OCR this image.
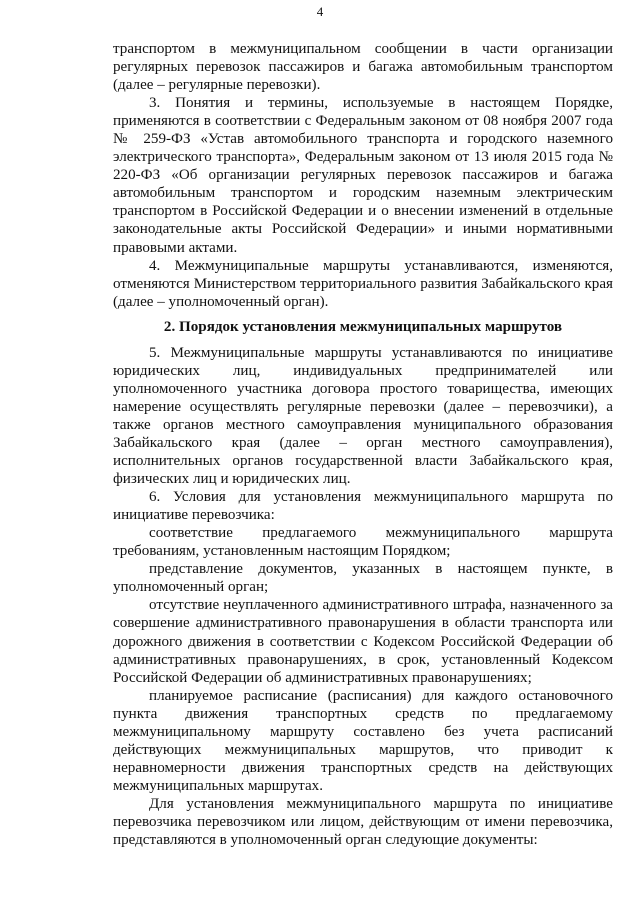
4

транспортом в межмуниципальном сообщении в части организации регулярных перевозок пассажиров и багажа автомобильным транспортом (далее – регулярные перевозки).

3. Понятия и термины, используемые в настоящем Порядке, применяются в соответствии с Федеральным законом от 08 ноября 2007 года № 259-ФЗ «Устав автомобильного транспорта и городского наземного электрического транспорта», Федеральным законом от 13 июля 2015 года № 220-ФЗ «Об организации регулярных перевозок пассажиров и багажа автомобильным транспортом и городским наземным электрическим транспортом в Российской Федерации и о внесении изменений в отдельные законодательные акты Российской Федерации» и иными нормативными правовыми актами.

4. Межмуниципальные маршруты устанавливаются, изменяются, отменяются Министерством территориального развития Забайкальского края (далее – уполномоченный орган).

2. Порядок установления межмуниципальных маршрутов

5. Межмуниципальные маршруты устанавливаются по инициативе юридических лиц, индивидуальных предпринимателей или уполномоченного участника договора простого товарищества, имеющих намерение осуществлять регулярные перевозки (далее – перевозчики), а также органов местного самоуправления муниципального образования Забайкальского края (далее – орган местного самоуправления), исполнительных органов государственной власти Забайкальского края, физических лиц и юридических лиц.

6. Условия для установления межмуниципального маршрута по инициативе перевозчика:

соответствие предлагаемого межмуниципального маршрута требованиям, установленным настоящим Порядком;

представление документов, указанных в настоящем пункте, в уполномоченный орган;

отсутствие неуплаченного административного штрафа, назначенного за совершение административного правонарушения в области транспорта или дорожного движения в соответствии с Кодексом Российской Федерации об административных правонарушениях, в срок, установленный Кодексом Российской Федерации об административных правонарушениях;

планируемое расписание (расписания) для каждого остановочного пункта движения транспортных средств по предлагаемому межмуниципальному маршруту составлено без учета расписаний действующих межмуниципальных маршрутов, что приводит к неравномерности движения транспортных средств на действующих межмуниципальных маршрутах.

Для установления межмуниципального маршрута по инициативе перевозчика перевозчиком или лицом, действующим от имени перевозчика, представляются в уполномоченный орган следующие документы:
